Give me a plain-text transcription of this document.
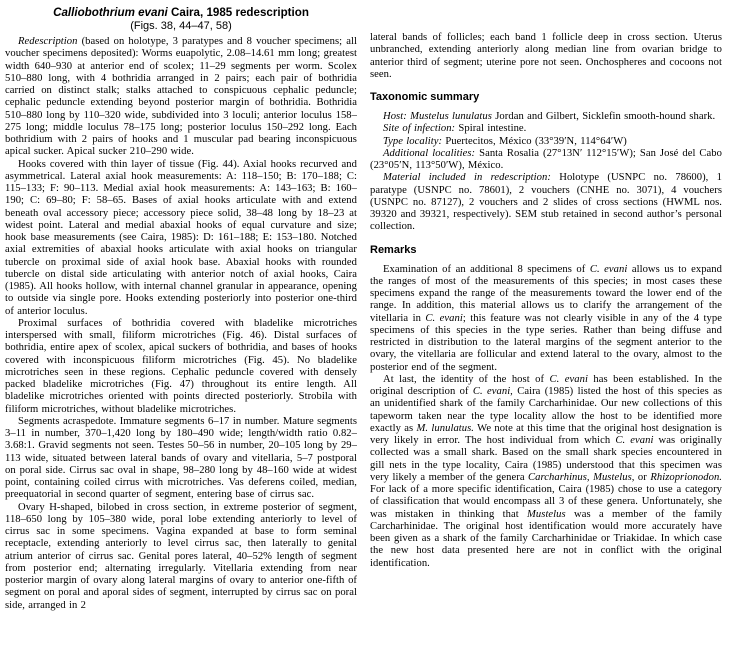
Calliobothrium evani Caira, 1985 redescription
(Figs. 38, 44–47, 58)

Redescription (based on holotype, 3 paratypes and 8 voucher specimens; all voucher specimens deposited): Worms euapolytic, 2.08–14.61 mm long; greatest width 640–930 at anterior end of scolex; 11–29 segments per worm. Scolex 510–880 long, with 4 bothridia arranged in 2 pairs; each pair of bothridia carried on distinct stalk; stalks attached to conspicuous cephalic peduncle; cephalic peduncle extending beyond posterior margin of bothridia. Bothridia 510–880 long by 110–320 wide, subdivided into 3 loculi; anterior loculus 158–275 long; middle loculus 78–175 long; posterior loculus 150–292 long. Each bothridium with 2 pairs of hooks and 1 muscular pad bearing inconspicuous apical sucker. Apical sucker 210–290 wide.

Hooks covered with thin layer of tissue (Fig. 44). Axial hooks recurved and asymmetrical. Lateral axial hook measurements: A: 118–150; B: 170–188; C: 115–133; F: 90–113. Medial axial hook measurements: A: 143–163; B: 160–190; C: 69–80; F: 58–65. Bases of axial hooks articulate with and extend beneath oval accessory piece; accessory piece solid, 38–48 long by 18–23 at widest point. Lateral and medial abaxial hooks of equal curvature and size; hook base measurements (see Caira, 1985): D: 161–188; E: 153–180. Notched axial extremities of abaxial hooks articulate with axial hooks on triangular tubercle on proximal side of axial hook base. Abaxial hooks with rounded tubercle on distal side articulating with anterior notch of axial hooks, Caira (1985). All hooks hollow, with internal channel granular in appearance, opening to outside via single pore. Hooks extending posteriorly into posterior one-third of anterior loculus.

Proximal surfaces of bothridia covered with bladelike microtriches interspersed with small, filiform microtriches (Fig. 46). Distal surfaces of bothridia, entire apex of scolex, apical suckers of bothridia, and bases of hooks covered with inconspicuous filiform microtriches (Fig. 45). No bladelike microtriches seen in these regions. Cephalic peduncle covered with densely packed bladelike microtriches (Fig. 47) throughout its entire length. All bladelike microtriches oriented with points directed posteriorly. Strobila with filiform microtriches, without bladelike microtriches.

Segments acraspedote. Immature segments 6–17 in number. Mature segments 3–11 in number, 370–1,420 long by 180–490 wide; length/width ratio 0.82–3.68:1. Gravid segments not seen. Testes 50–56 in number, 20–105 long by 29–113 wide, situated between lateral bands of ovary and vitellaria, 5–7 postporal on poral side. Cirrus sac oval in shape, 98–280 long by 48–160 wide at widest point, containing coiled cirrus with microtriches. Vas deferens coiled, median, preequatorial in second quarter of segment, entering base of cirrus sac.

Ovary H-shaped, bilobed in cross section, in extreme posterior of segment, 118–650 long by 105–380 wide, poral lobe extending anteriorly to level of cirrus sac in some specimens. Vagina expanded at base to form seminal receptacle, extending anteriorly to level cirrus sac, then laterally to genital atrium anterior of cirrus sac. Genital pores lateral, 40–52% length of segment from posterior end; alternating irregularly. Vitellaria extending from near posterior margin of ovary along lateral margins of ovary to anterior one-fifth of segment on poral and aporal sides of segment, interrupted by cirrus sac on poral side, arranged in 2

lateral bands of follicles; each band 1 follicle deep in cross section. Uterus unbranched, extending anteriorly along median line from ovarian bridge to anterior third of segment; uterine pore not seen. Onchospheres and cocoons not seen.

Taxonomic summary

Host: Mustelus lunulatus Jordan and Gilbert, Sicklefin smooth-hound shark.

Site of infection: Spiral intestine.

Type locality: Puertecitos, México (33°39′N, 114°64′W)

Additional localities: Santa Rosalia (27°13N′ 112°15′W); San José del Cabo (23°05′N, 113°50′W), México.

Material included in redescription: Holotype (USNPC no. 78600), 1 paratype (USNPC no. 78601), 2 vouchers (CNHE no. 3071), 4 vouchers (USNPC no. 87127), 2 vouchers and 2 slides of cross sections (HWML nos. 39320 and 39321, respectively). SEM stub retained in second author’s personal collection.

Remarks

Examination of an additional 8 specimens of C. evani allows us to expand the ranges of most of the measurements of this species; in most cases these specimens expand the range of the measurements toward the lower end of the range. In addition, this material allows us to clarify the arrangement of the vitellaria in C. evani; this feature was not clearly visible in any of the 4 type specimens of this species in the type series. Rather than being diffuse and restricted in distribution to the lateral margins of the segment anterior to the ovary, the vitellaria are follicular and extend lateral to the ovary, almost to the posterior end of the segment.

At last, the identity of the host of C. evani has been established. In the original description of C. evani, Caira (1985) listed the host of this species as an unidentified shark of the family Carcharhinidae. Our new collections of this tapeworm taken near the type locality allow the host to be identified more exactly as M. lunulatus. We note at this time that the original host designation is very likely in error. The host individual from which C. evani was originally collected was a small shark. Based on the small shark species encountered in gill nets in the type locality, Caira (1985) understood that this specimen was very likely a member of the genera Carcharhinus, Mustelus, or Rhizoprionodon. For lack of a more specific identification, Caira (1985) chose to use a category of classification that would encompass all 3 of these genera. Unfortunately, she was mistaken in thinking that Mustelus was a member of the family Carcharhinidae. The original host identification would more accurately have been given as a shark of the family Carcharhinidae or Triakidae. In which case the new host data presented here are not in conflict with the original identification.
